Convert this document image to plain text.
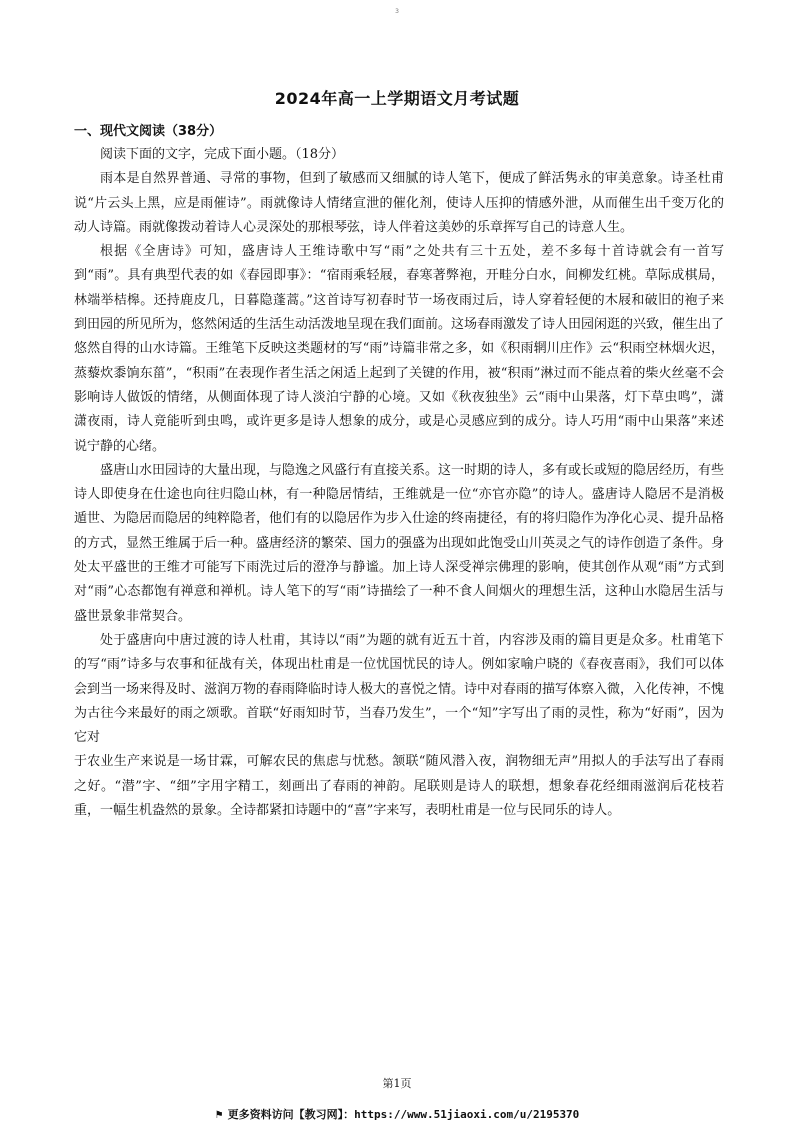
3
2024年高一上学期语文月考试题
一、现代文阅读（38分）

阅读下面的文字，完成下面小题。（18分）

雨本是自然界普通、寻常的事物，但到了敏感而又细腻的诗人笔下，便成了鲜活隽永的审美意象。诗圣杜甫说“片云头上黑，应是雨催诗”。雨就像诗人情绪宣泄的催化剂，使诗人压抑的情感外泄，从而催生出千变万化的动人诗篇。雨就像拨动着诗人心灵深处的那根琴弦，诗人伴着这美妙的乐章挥写自己的诗意人生。

根据《全唐诗》可知，盛唐诗人王维诗歌中写“雨”之处共有三十五处，差不多每十首诗就会有一首写到“雨”。具有典型代表的如《春园即事》：“宿雨乘轻屐，春寒著弊袍，开畦分白水，间柳发红桃。草际成棋局，林端举桔槔。还持鹿皮几，日暮隐蓬蒿。”这首诗写初春时节一场夜雨过后，诗人穿着轻便的木屐和破旧的袍子来到田园的所见所为，悠然闲适的生活生动活泼地呈现在我们面前。这场春雨激发了诗人田园闲逛的兴致，催生出了悠然自得的山水诗篇。王维笔下反映这类题材的写“雨”诗篇非常之多，如《积雨辋川庄作》云“积雨空林烟火迟，蒸藜炊黍饷东菑”，“积雨”在表现作者生活之闲适上起到了关键的作用，被“积雨”淋过而不能点着的柴火丝毫不会影响诗人做饭的情绪，从侧面体现了诗人淡泊宁静的心境。又如《秋夜独坐》云“雨中山果落，灯下草虫鸣”，潇潇夜雨，诗人竟能听到虫鸣，或许更多是诗人想象的成分，或是心灵感应到的成分。诗人巧用“雨中山果落”来述说宁静的心绪。

盛唐山水田园诗的大量出现，与隐逸之风盛行有直接关系。这一时期的诗人，多有或长或短的隐居经历，有些诗人即使身在仕途也向往归隐山林，有一种隐居情结，王维就是一位“亦官亦隐”的诗人。盛唐诗人隐居不是消极遁世、为隐居而隐居的纯粹隐者，他们有的以隐居作为步入仕途的终南捷径，有的将归隐作为净化心灵、提升品格的方式，显然王维属于后一种。盛唐经济的繁荣、国力的强盛为出现如此饱受山川英灵之气的诗作创造了条件。身处太平盛世的王维才可能写下雨洗过后的澄净与静谧。加上诗人深受禅宗佛理的影响，使其创作从观“雨”方式到对“雨”心态都饱有禅意和禅机。诗人笔下的写“雨”诗描绘了一种不食人间烟火的理想生活，这种山水隐居生活与盛世景象非常契合。

处于盛唐向中唐过渡的诗人杜甫，其诗以“雨”为题的就有近五十首，内容涉及雨的篇目更是众多。杜甫笔下的写“雨”诗多与农事和征战有关，体现出杜甫是一位忧国忧民的诗人。例如家喻户晓的《春夜喜雨》，我们可以体会到当一场来得及时、滋润万物的春雨降临时诗人极大的喜悦之情。诗中对春雨的描写体察入微，入化传神，不愧为古往今来最好的雨之颂歌。首联“好雨知时节，当春乃发生”，一个“知”字写出了雨的灵性，称为“好雨”，因为它对

于农业生产来说是一场甘霖，可解农民的焦虑与忧愁。颔联“随风潜入夜，润物细无声”用拟人的手法写出了春雨之好。“潜”字、“细”字用字精工，刻画出了春雨的神韵。尾联则是诗人的联想，想象春花经细雨滋润后花枝若重，一幅生机盎然的景象。全诗都紧扣诗题中的“喜”字来写，表明杜甫是一位与民同乐的诗人。

第1页
⚑ 更多资料访问【教习网】：https://www.51jiaoxi.com/u/2195370
